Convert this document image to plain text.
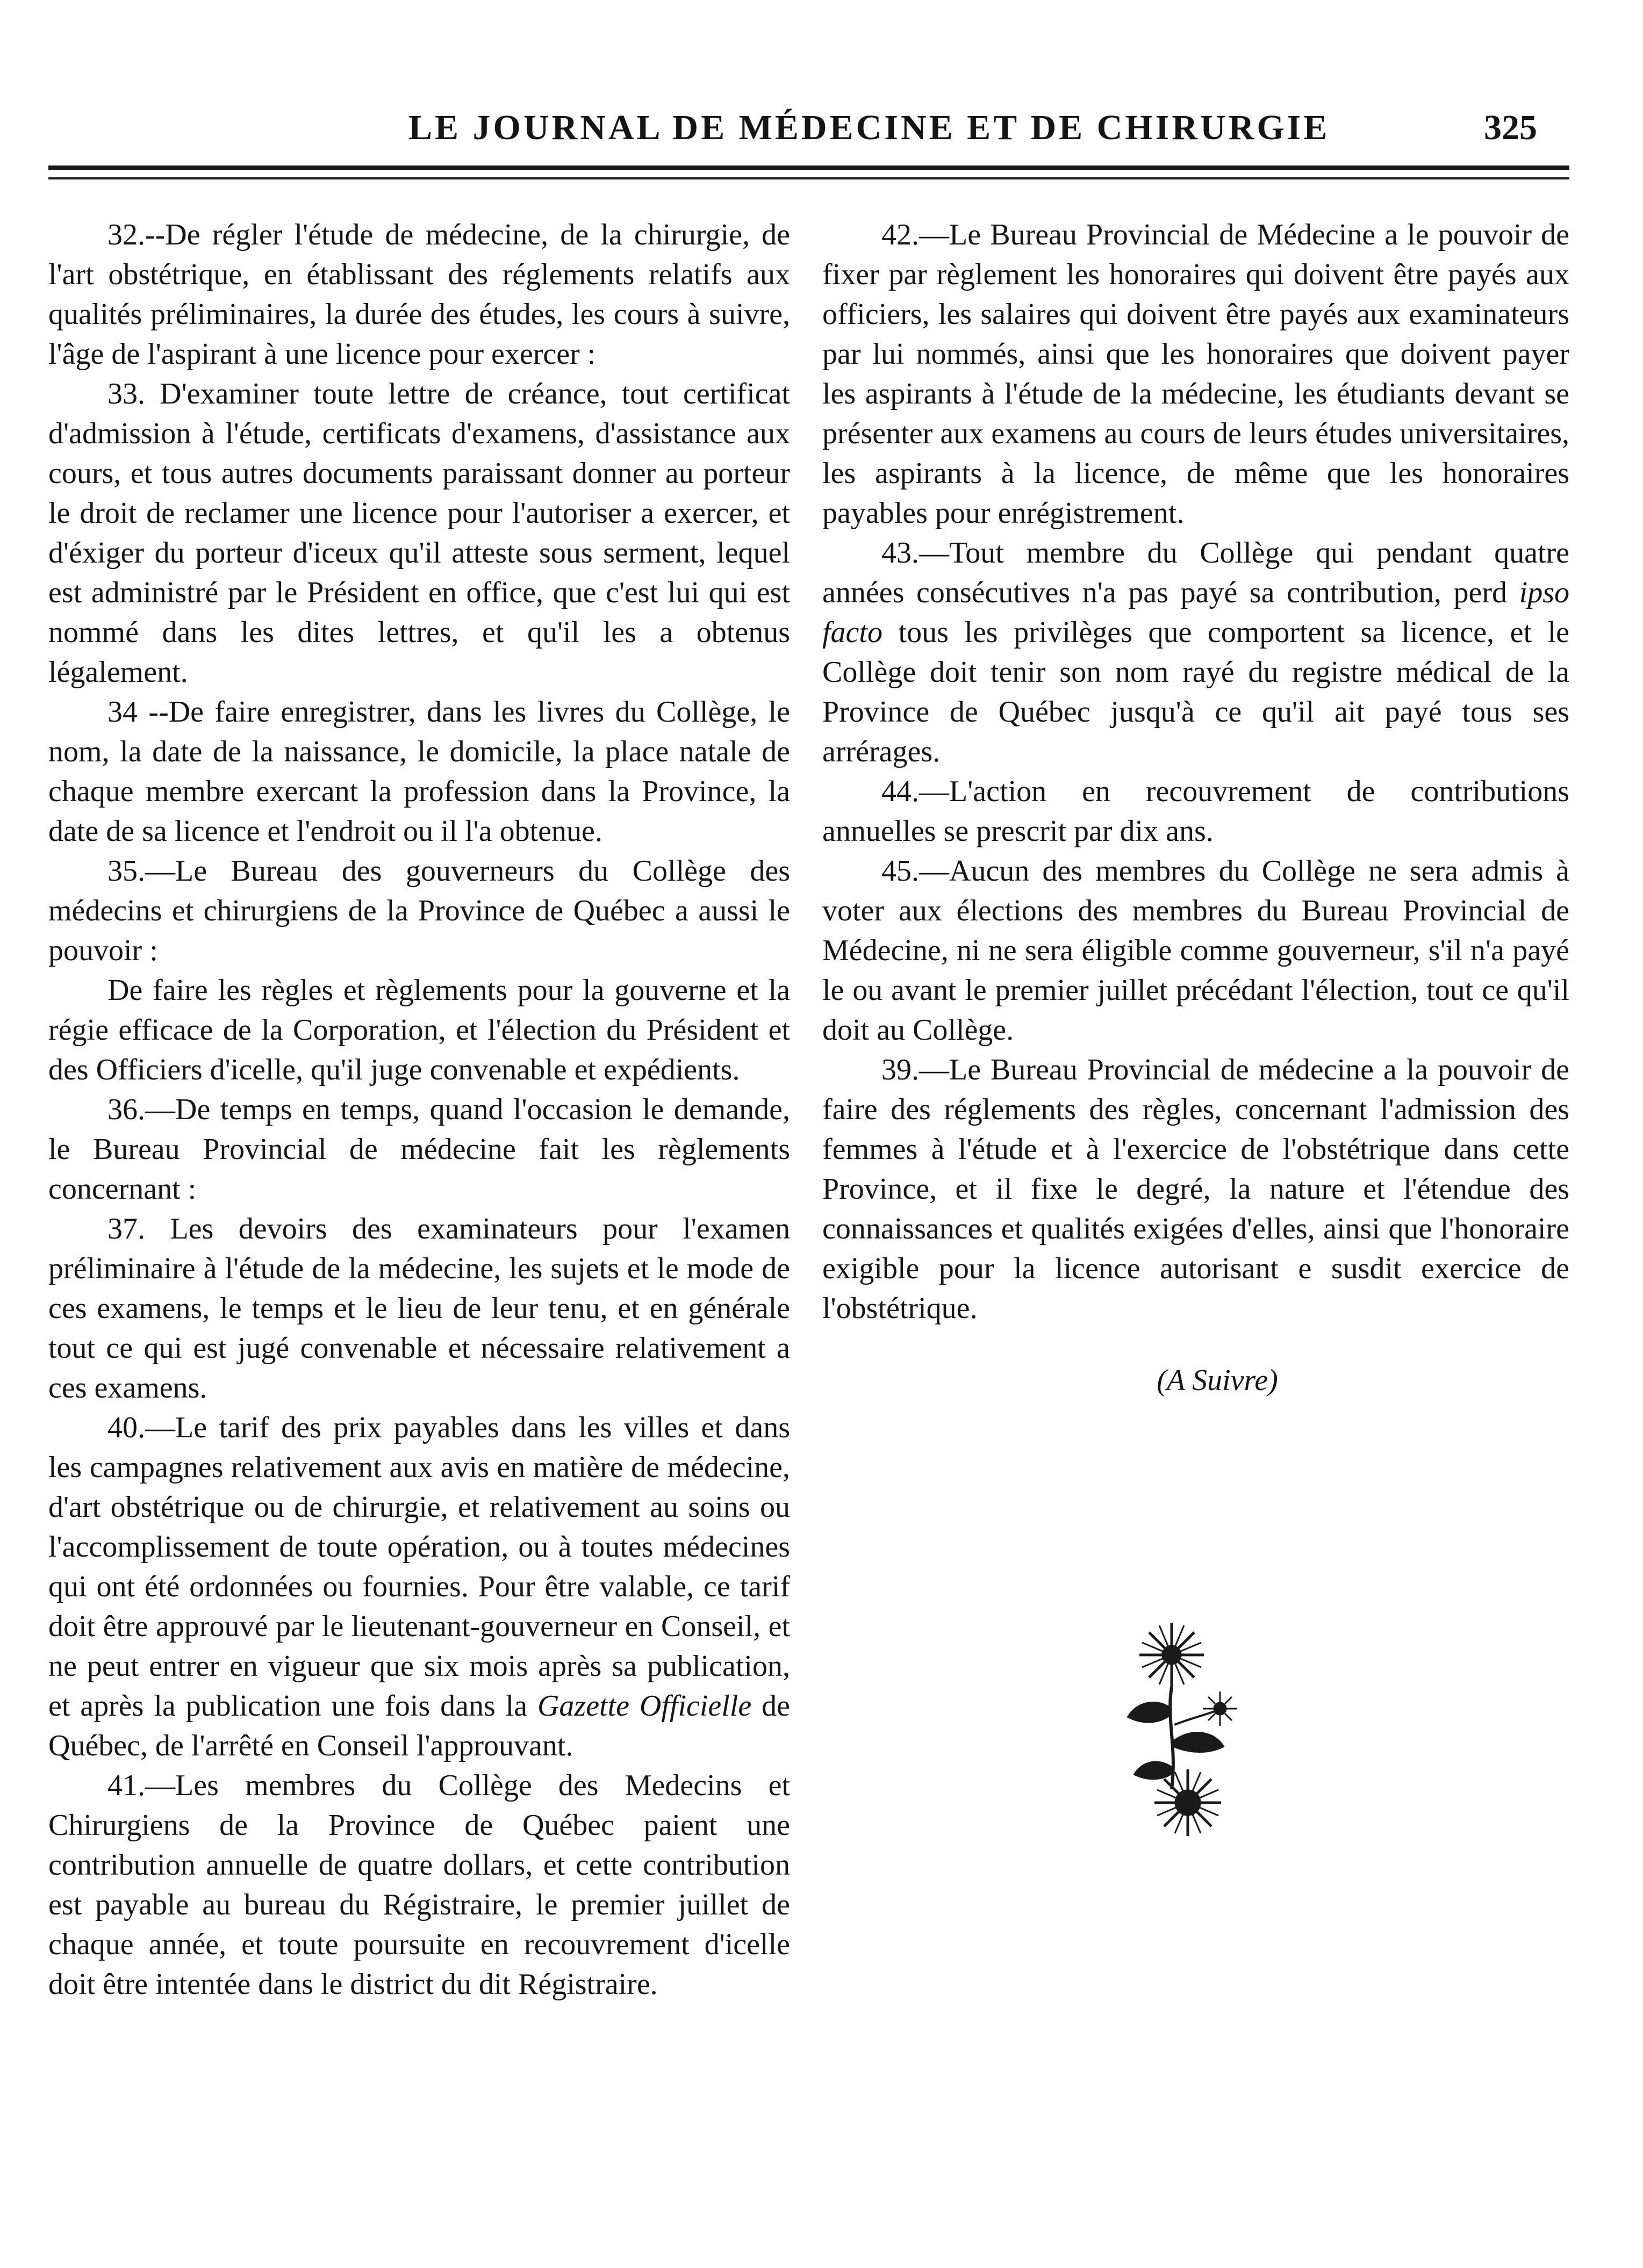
LE JOURNAL DE MÉDECINE ET DE CHIRURGIE	325

32.--De régler l'étude de médecine, de la chirurgie, de l'art obstétrique, en établissant des réglements relatifs aux qualités préliminaires, la durée des études, les cours à suivre, l'âge de l'aspirant à une licence pour exercer :

33. D'examiner toute lettre de créance, tout certificat d'admission à l'étude, certificats d'examens, d'assistance aux cours, et tous autres documents paraissant donner au porteur le droit de reclamer une licence pour l'autoriser a exercer, et d'éxiger du porteur d'iceux qu'il atteste sous serment, lequel est administré par le Président en office, que c'est lui qui est nommé dans les dites lettres, et qu'il les a obtenus légalement.

34 --De faire enregistrer, dans les livres du Collège, le nom, la date de la naissance, le domicile, la place natale de chaque membre exercant la profession dans la Province, la date de sa licence et l'endroit ou il l'a obtenue.

35.—Le Bureau des gouverneurs du Collège des médecins et chirurgiens de la Province de Québec a aussi le pouvoir :

De faire les règles et règlements pour la gouverne et la régie efficace de la Corporation, et l'élection du Président et des Officiers d'icelle, qu'il juge convenable et expédients.

36.—De temps en temps, quand l'occasion le demande, le Bureau Provincial de médecine fait les règlements concernant :

37. Les devoirs des examinateurs pour l'examen préliminaire à l'étude de la médecine, les sujets et le mode de ces examens, le temps et le lieu de leur tenu, et en générale tout ce qui est jugé convenable et nécessaire relativement a ces examens.

40.—Le tarif des prix payables dans les villes et dans les campagnes relativement aux avis en matière de médecine, d'art obstétrique ou de chirurgie, et relativement au soins ou l'accomplissement de toute opération, ou à toutes médecines qui ont été ordonnées ou fournies. Pour être valable, ce tarif doit être approuvé par le lieutenant-gouverneur en Conseil, et ne peut entrer en vigueur que six mois après sa publication, et après la publication une fois dans la Gazette Officielle de Québec, de l'arrêté en Conseil l'approuvant.

41.—Les membres du Collège des Medecins et Chirurgiens de la Province de Québec paient une contribution annuelle de quatre dollars, et cette contribution est payable au bureau du Régistraire, le premier juillet de chaque année, et toute poursuite en recouvrement d'icelle doit être intentée dans le district du dit Régistraire.

42.—Le Bureau Provincial de Médecine a le pouvoir de fixer par règlement les honoraires qui doivent être payés aux officiers, les salaires qui doivent être payés aux examinateurs par lui nommés, ainsi que les honoraires que doivent payer les aspirants à l'étude de la médecine, les étudiants devant se présenter aux examens au cours de leurs études universitaires, les aspirants à la licence, de même que les honoraires payables pour enrégistrement.

43.—Tout membre du Collège qui pendant quatre années consécutives n'a pas payé sa contribution, perd ipso facto tous les privilèges que comportent sa licence, et le Collège doit tenir son nom rayé du registre médical de la Province de Québec jusqu'à ce qu'il ait payé tous ses arrérages.

44.—L'action en recouvrement de contributions annuelles se prescrit par dix ans.

45.—Aucun des membres du Collège ne sera admis à voter aux élections des membres du Bureau Provincial de Médecine, ni ne sera éligible comme gouverneur, s'il n'a payé le ou avant le premier juillet précédant l'élection, tout ce qu'il doit au Collège.

39.—Le Bureau Provincial de médecine a la pouvoir de faire des réglements des règles, concernant l'admission des femmes à l'étude et à l'exercice de l'obstétrique dans cette Province, et il fixe le degré, la nature et l'étendue des connaissances et qualités exigées d'elles, ainsi que l'honoraire exigible pour la licence autorisant e susdit exercice de l'obstétrique.

(A Suivre)
